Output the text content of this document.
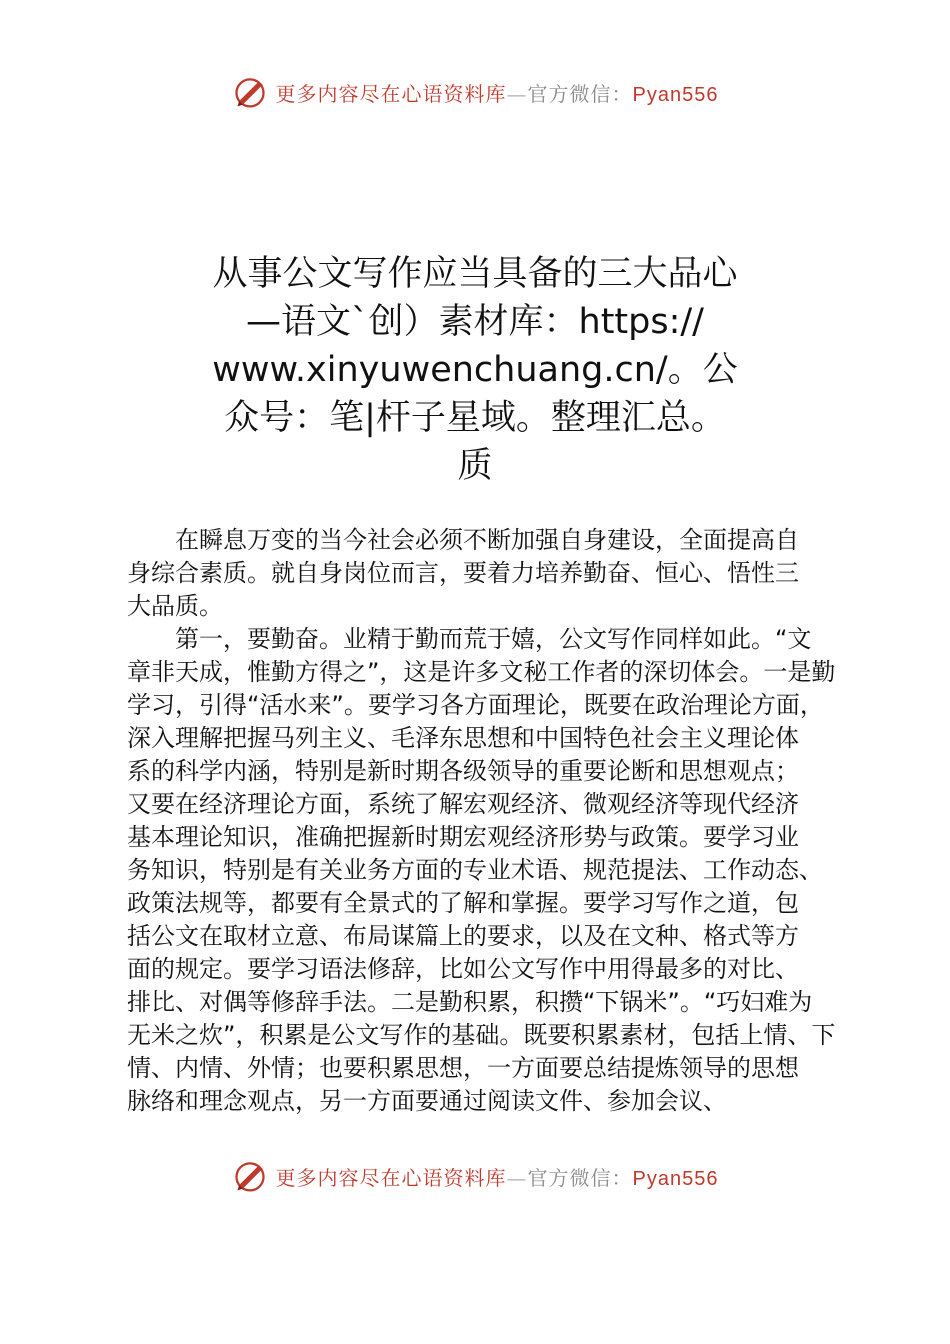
更多内容尽在心语资料库—官方微信：Pyan556
从事公文写作应当具备的三大品心
—语文`创）素材库：https://
www.xinyuwenchuang.cn/。公
众号：笔|杆子星域。整理汇总。
质
在瞬息万变的当今社会必须不断加强自身建设，全面提高自
身综合素质。就自身岗位而言，要着力培养勤奋、恒心、悟性三
大品质。
第一，要勤奋。业精于勤而荒于嬉，公文写作同样如此。“文
章非天成，惟勤方得之”，这是许多文秘工作者的深切体会。一是勤
学习，引得“活水来”。要学习各方面理论，既要在政治理论方面，
深入理解把握马列主义、毛泽东思想和中国特色社会主义理论体
系的科学内涵，特别是新时期各级领导的重要论断和思想观点；
又要在经济理论方面，系统了解宏观经济、微观经济等现代经济
基本理论知识，准确把握新时期宏观经济形势与政策。要学习业
务知识，特别是有关业务方面的专业术语、规范提法、工作动态、
政策法规等，都要有全景式的了解和掌握。要学习写作之道，包
括公文在取材立意、布局谋篇上的要求，以及在文种、格式等方
面的规定。要学习语法修辞，比如公文写作中用得最多的对比、
排比、对偶等修辞手法。二是勤积累，积攒“下锅米”。“巧妇难为
无米之炊”，积累是公文写作的基础。既要积累素材，包括上情、下
情、内情、外情；也要积累思想，一方面要总结提炼领导的思想
脉络和理念观点，另一方面要通过阅读文件、参加会议、
更多内容尽在心语资料库—官方微信：Pyan556
